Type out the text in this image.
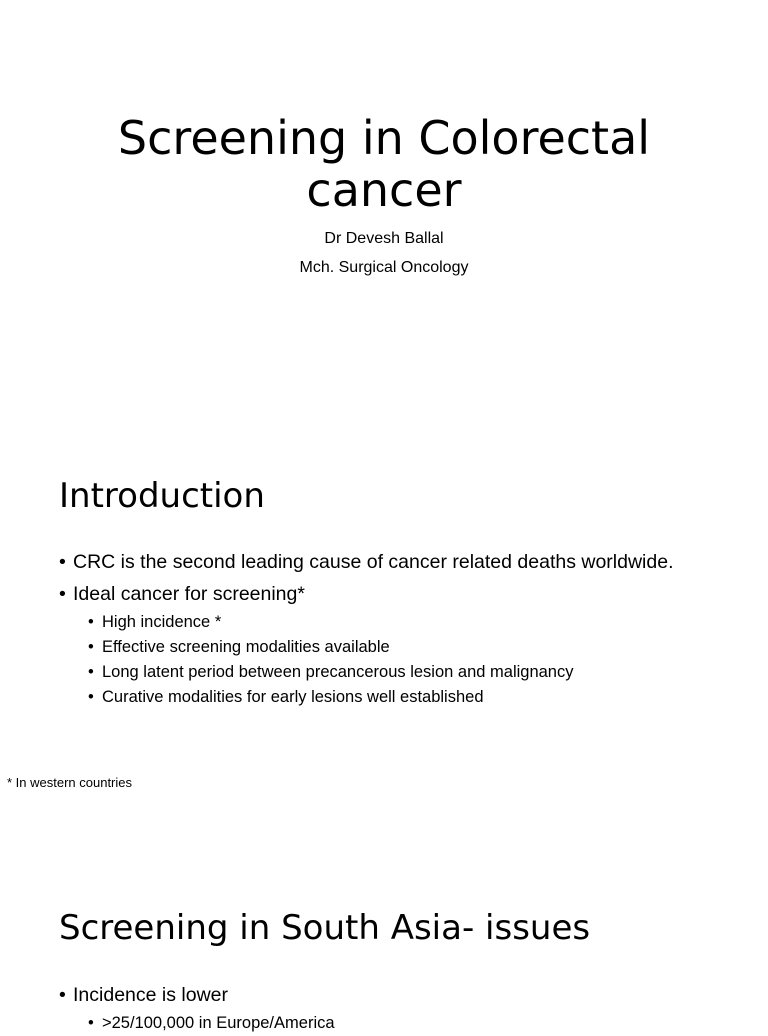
Screening in Colorectal
cancer

Dr Devesh Ballal

Mch. Surgical Oncology

Introduction
• CRC is the second leading cause of cancer related deaths worldwide.
• Ideal cancer for screening*
• High incidence *
• Effective screening modalities available
• Long latent period between precancerous lesion and malignancy
• Curative modalities for early lesions well established

* In western countries

Screening in South Asia- issues
• Incidence is lower
• >25/100,000 in Europe/America
